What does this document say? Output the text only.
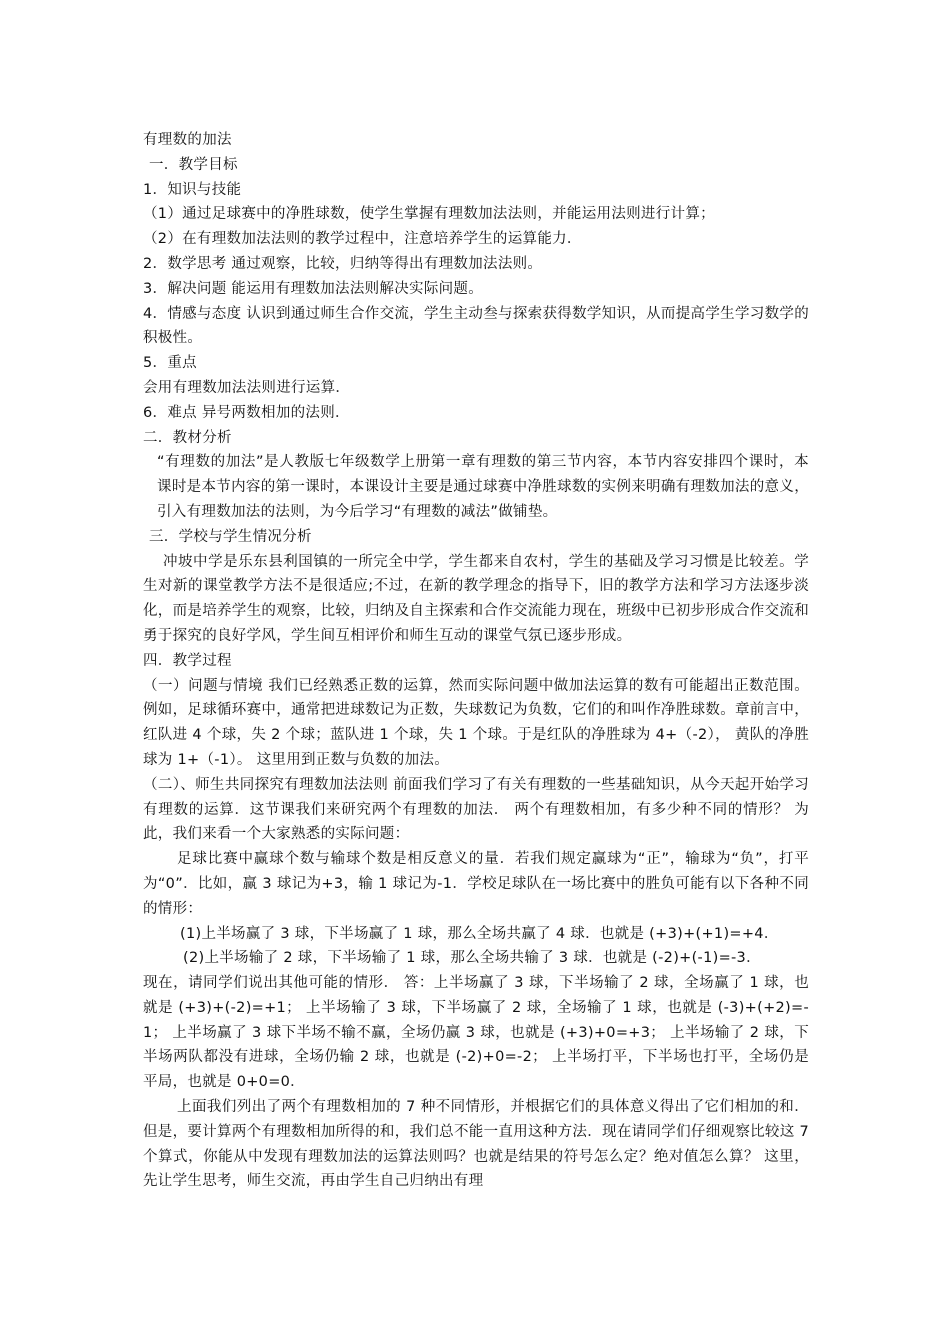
有理数的加法

一．教学目标

1．知识与技能

（1）通过足球赛中的净胜球数，使学生掌握有理数加法法则，并能运用法则进行计算；

（2）在有理数加法法则的教学过程中，注意培养学生的运算能力．

2．数学思考 通过观察，比较，归纳等得出有理数加法法则。

3．解决问题 能运用有理数加法法则解决实际问题。

4．情感与态度 认识到通过师生合作交流，学生主动叁与探索获得数学知识，从而提高学生学习数学的积极性。

5．重点

会用有理数加法法则进行运算．

6．难点 异号两数相加的法则．

二．教材分析

“有理数的加法”是人教版七年级数学上册第一章有理数的第三节内容，本节内容安排四个课时，本课时是本节内容的第一课时，本课设计主要是通过球赛中净胜球数的实例来明确有理数加法的意义，引入有理数加法的法则，为今后学习“有理数的减法”做铺垫。

三．学校与学生情况分析

冲坡中学是乐东县利国镇的一所完全中学，学生都来自农村，学生的基础及学习习惯是比较差。学生对新的课堂教学方法不是很适应;不过，在新的教学理念的指导下，旧的教学方法和学习方法逐步淡化，而是培养学生的观察，比较，归纳及自主探索和合作交流能力现在，班级中已初步形成合作交流和勇于探究的良好学风，学生间互相评价和师生互动的课堂气氛已逐步形成。

四．教学过程

（一）问题与情境 我们已经熟悉正数的运算，然而实际问题中做加法运算的数有可能超出正数范围。例如，足球循环赛中，通常把进球数记为正数，失球数记为负数，它们的和叫作净胜球数。章前言中，红队进 4 个球，失 2 个球；蓝队进 1 个球，失 1 个球。于是红队的净胜球为 4+（-2）， 黄队的净胜球为 1+（-1）。 这里用到正数与负数的加法。

（二）、师生共同探究有理数加法法则 前面我们学习了有关有理数的一些基础知识，从今天起开始学习有理数的运算．这节课我们来研究两个有理数的加法． 两个有理数相加，有多少种不同的情形？ 为此，我们来看一个大家熟悉的实际问题：

足球比赛中赢球个数与输球个数是相反意义的量．若我们规定赢球为“正”，输球为“负”，打平为“0”．比如，赢 3 球记为+3，输 1 球记为-1．学校足球队在一场比赛中的胜负可能有以下各种不同的情形：

(1)上半场赢了 3 球，下半场赢了 1 球，那么全场共赢了 4 球．也就是 (+3)+(+1)=+4．

(2)上半场输了 2 球，下半场输了 1 球，那么全场共输了 3 球．也就是 (-2)+(-1)=-3．

现在，请同学们说出其他可能的情形． 答：上半场赢了 3 球，下半场输了 2 球，全场赢了 1 球，也就是 (+3)+(-2)=+1； 上半场输了 3 球，下半场赢了 2 球，全场输了 1 球，也就是 (-3)+(+2)=-1； 上半场赢了 3 球下半场不输不赢，全场仍赢 3 球，也就是 (+3)+0=+3； 上半场输了 2 球，下半场两队都没有进球，全场仍输 2 球，也就是 (-2)+0=-2； 上半场打平，下半场也打平，全场仍是平局，也就是 0+0=0．

上面我们列出了两个有理数相加的 7 种不同情形，并根据它们的具体意义得出了它们相加的和．但是，要计算两个有理数相加所得的和，我们总不能一直用这种方法．现在请同学们仔细观察比较这 7 个算式，你能从中发现有理数加法的运算法则吗？也就是结果的符号怎么定？绝对值怎么算？ 这里，先让学生思考，师生交流，再由学生自己归纳出有理
